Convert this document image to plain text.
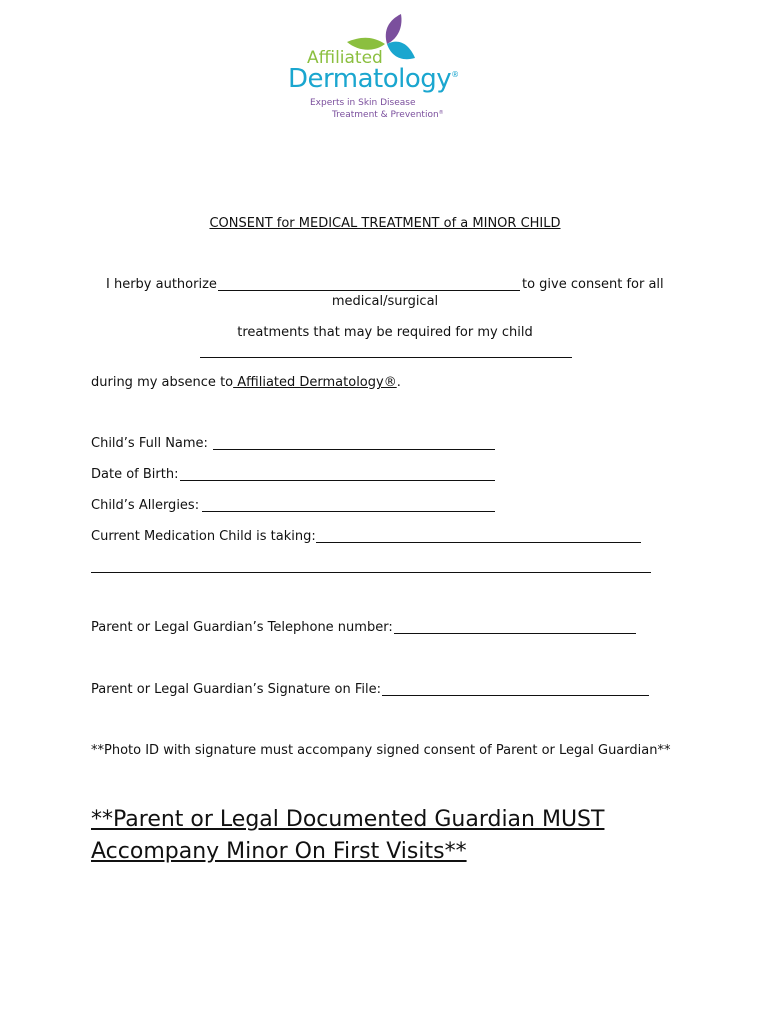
Affiliated
Dermatology®
Experts in Skin Disease
Treatment & Prevention®
CONSENT for MEDICAL TREATMENT of a MINOR CHILD
I herby authorize	to give consent for all
medical/surgical
treatments that may be required for my child
during my absence to Affiliated Dermatology®.
Child’s Full Name:
Date of Birth:
Child’s Allergies:
Current Medication Child is taking:
Parent or Legal Guardian’s Telephone number:
Parent or Legal Guardian’s Signature on File:
**Photo ID with signature must accompany signed consent of Parent or Legal Guardian**
**Parent or Legal Documented Guardian MUST
Accompany Minor On First Visits**
